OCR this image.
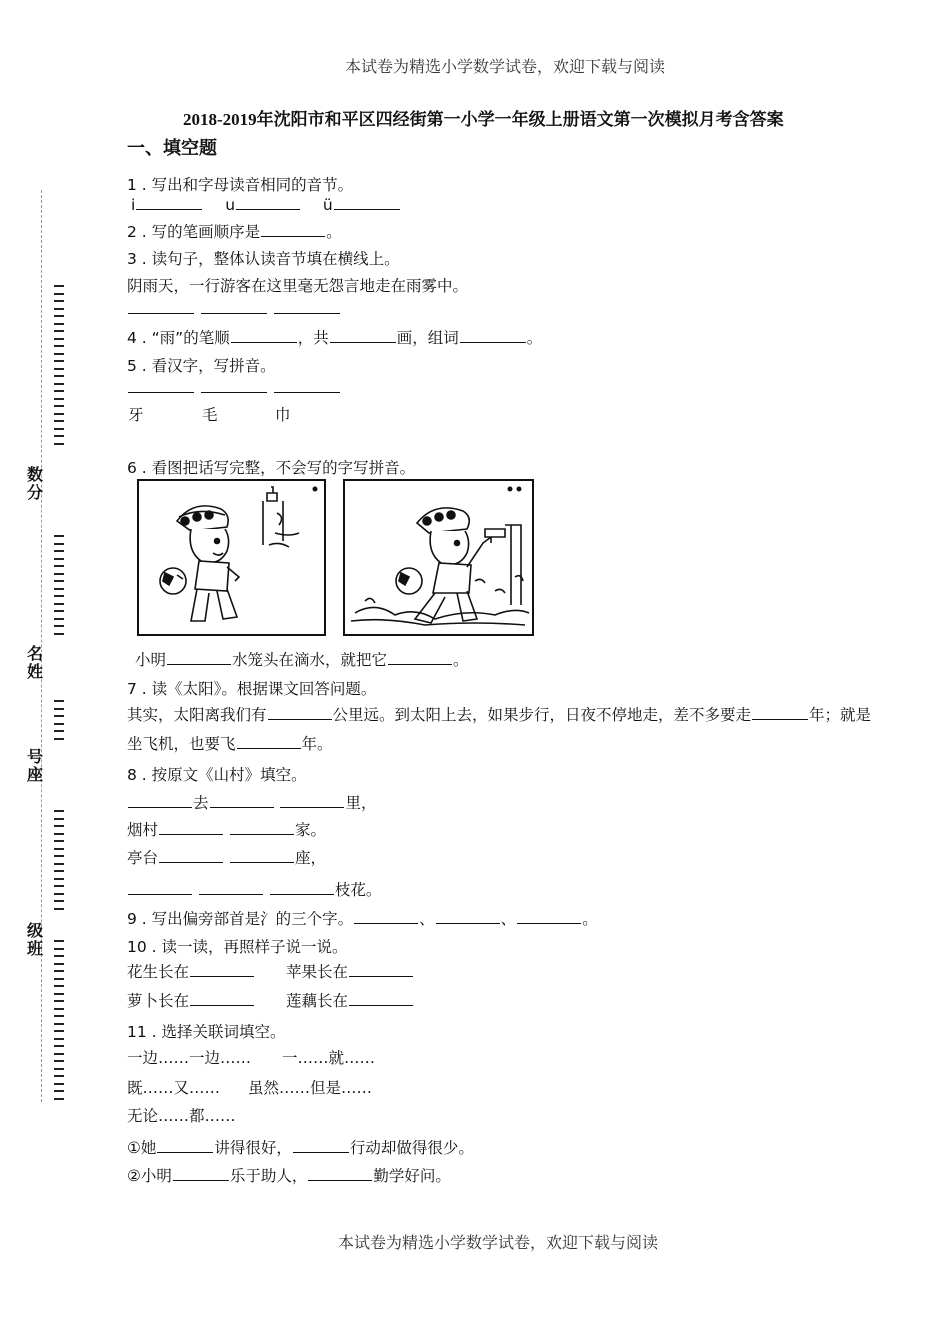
本试卷为精选小学数学试卷，欢迎下载与阅读
数分
名姓
号座
级班
2018-2019年沈阳市和平区四经街第一小学一年级上册语文第一次模拟月考含答案
一、填空题
1 . 写出和字母读音相同的音节。
i	u	ü
2 . 写的笔画顺序是	。
3 . 读句子，整体认读音节填在横线上。
阴雨天，一行游客在这里毫无怨言地走在雨雾中。

4 . “雨”的笔顺	，共	画，组词	。
5 . 看汉字，写拼音。

牙	毛	巾
6 . 看图把话写完整，不会写的字写拼音。
小明	水笼头在滴水，就把它	。
7 . 读《太阳》。根据课文回答问题。
其实，太阳离我们有	公里远。到太阳上去，如果步行，日夜不停地走，差不多要走	年；就是
坐飞机，也要飞	年。
8 . 按原文《山村》填空。
去	里，
烟村	家。
亭台	座，
枝花。
9 . 写出偏旁部首是氵的三个字。	、	、	。
10 . 读一读，再照样子说一说。
花生长在	苹果长在
萝卜长在	莲藕长在
11 . 选择关联词填空。
一边……一边…… 一……就……
既……又…… 虽然……但是……
无论……都……
①她	讲得很好，	行动却做得很少。
②小明	乐于助人，	勤学好问。
本试卷为精选小学数学试卷，欢迎下载与阅读
